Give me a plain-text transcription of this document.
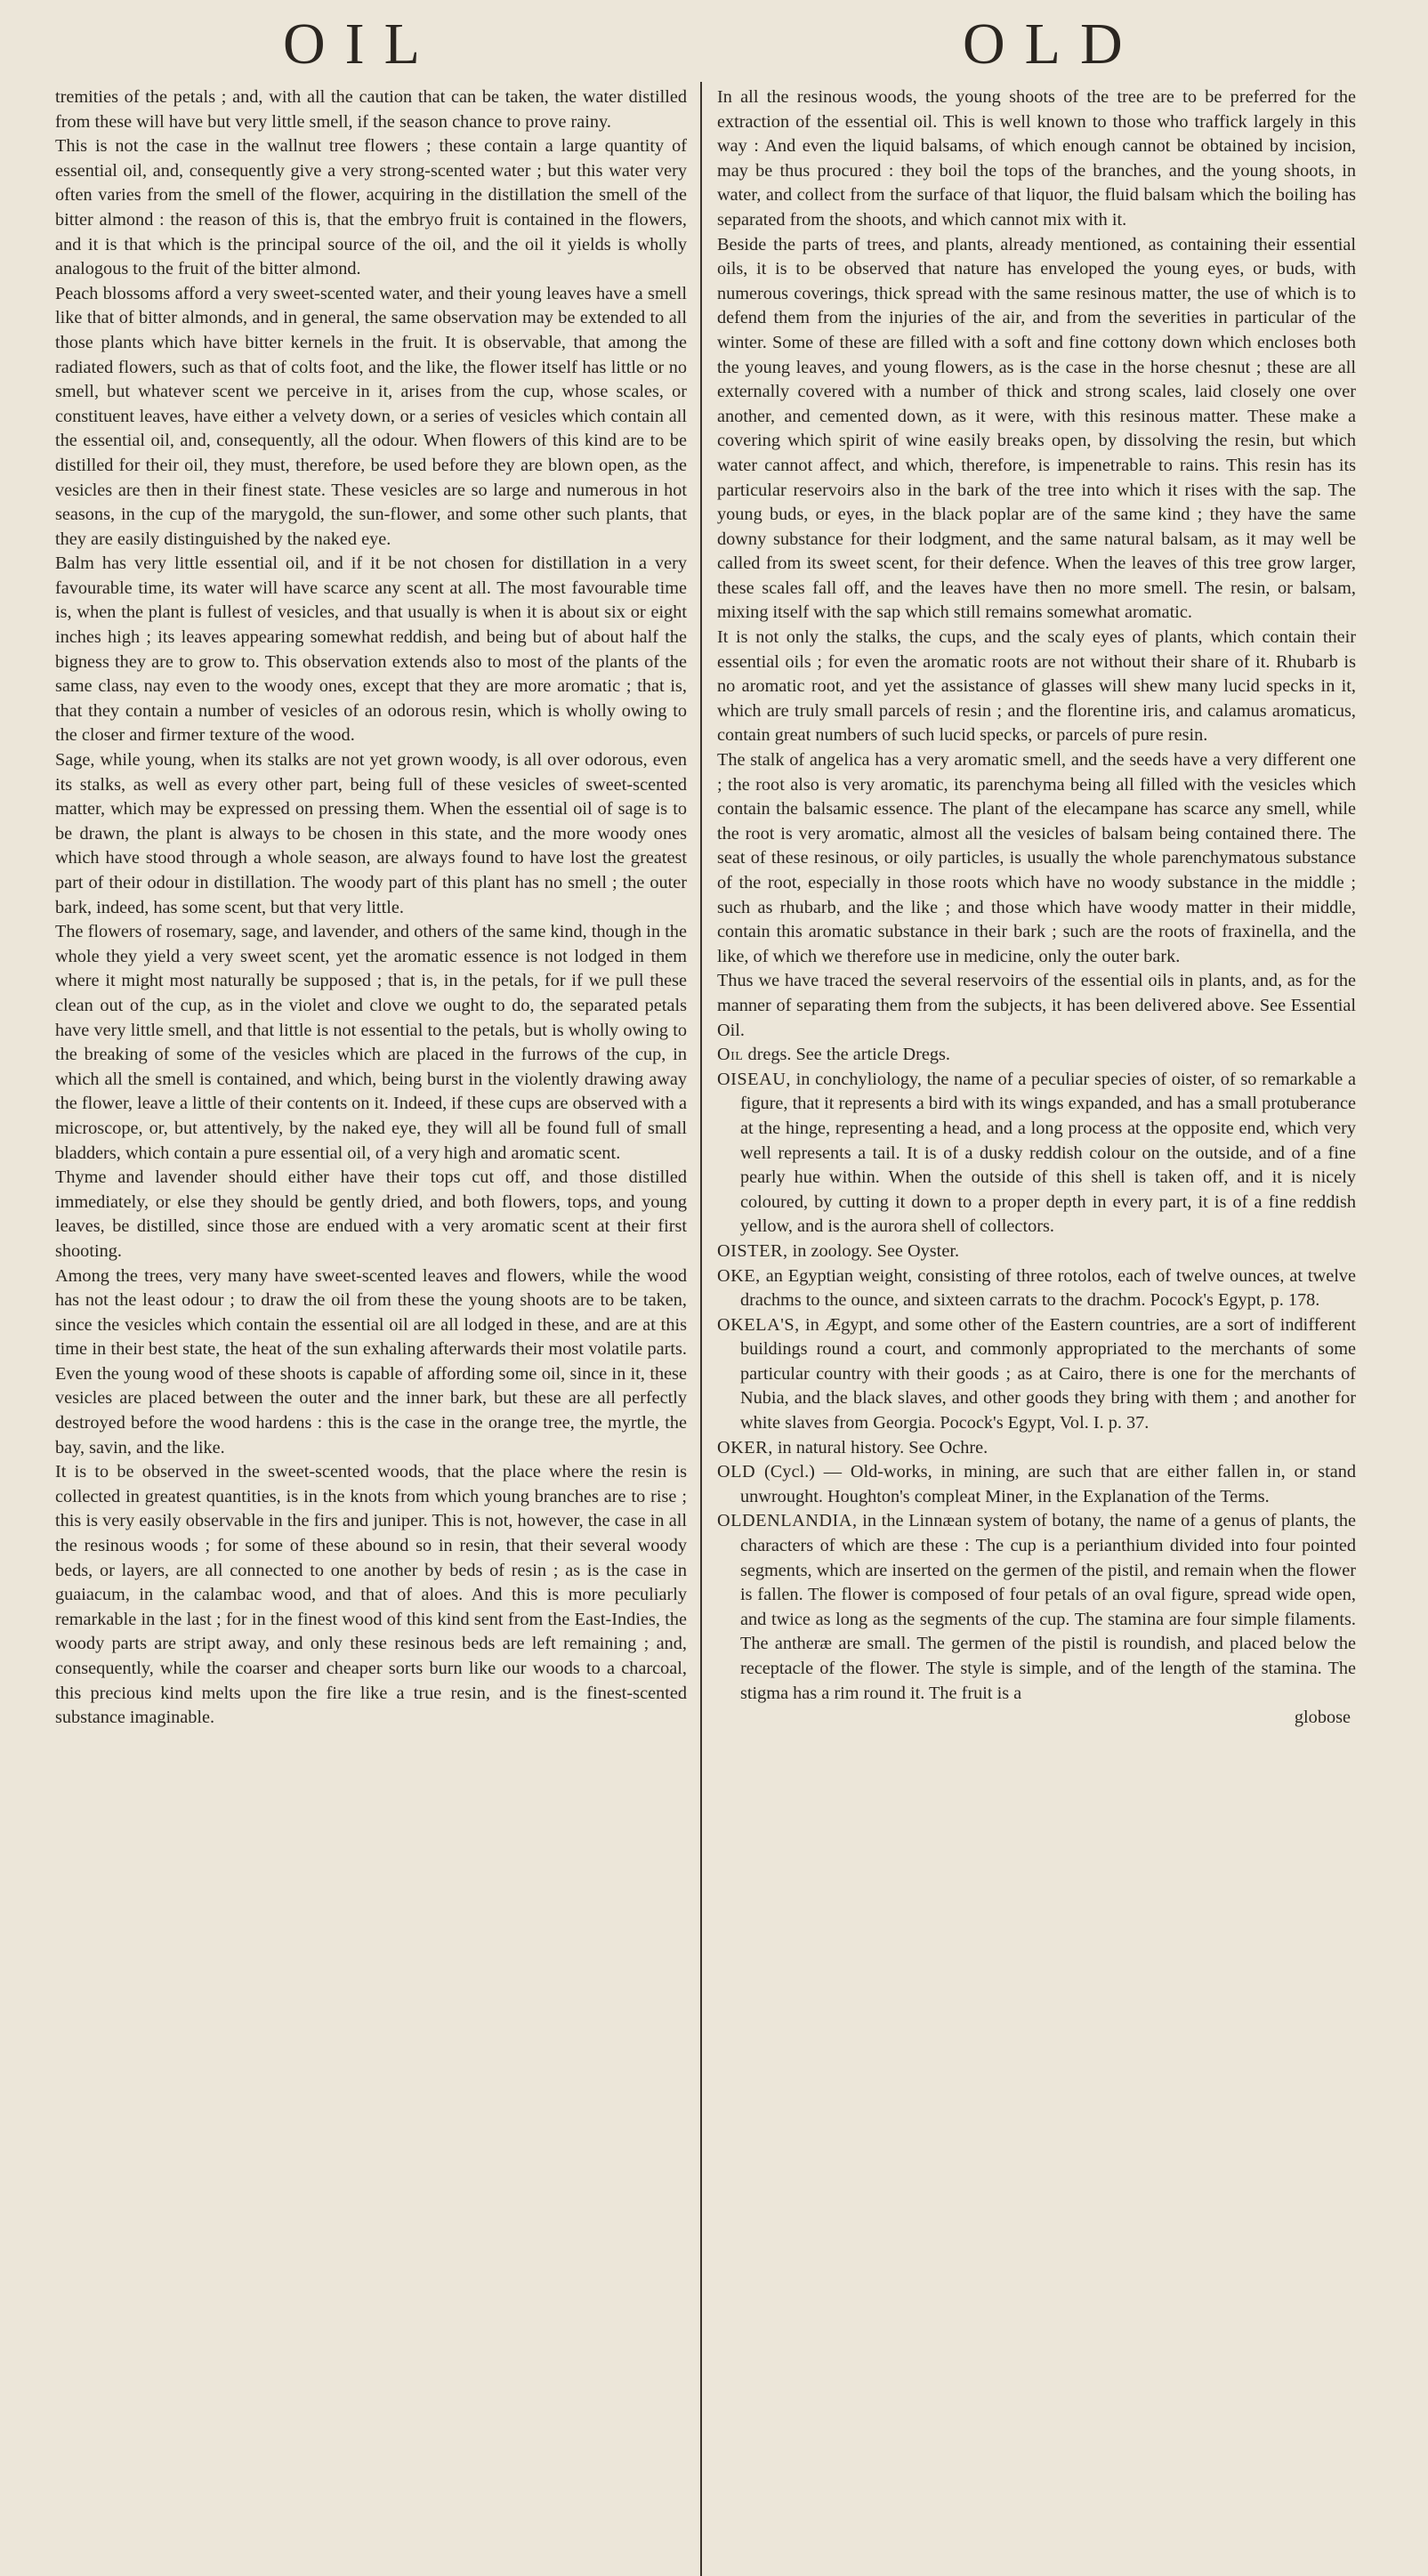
OIL	OLD

tremities of the petals ; and, with all the caution that can be taken, the water distilled from these will have but very little smell, if the season chance to prove rainy.

This is not the case in the wallnut tree flowers ; these contain a large quantity of essential oil, and, consequently give a very strong-scented water ; but this water very often varies from the smell of the flower, acquiring in the distillation the smell of the bitter almond : the reason of this is, that the embryo fruit is contained in the flowers, and it is that which is the principal source of the oil, and the oil it yields is wholly analogous to the fruit of the bitter almond.

Peach blossoms afford a very sweet-scented water, and their young leaves have a smell like that of bitter almonds, and in general, the same observation may be extended to all those plants which have bitter kernels in the fruit. It is observable, that among the radiated flowers, such as that of colts foot, and the like, the flower itself has little or no smell, but whatever scent we perceive in it, arises from the cup, whose scales, or constituent leaves, have either a velvety down, or a series of vesicles which contain all the essential oil, and, consequently, all the odour. When flowers of this kind are to be distilled for their oil, they must, therefore, be used before they are blown open, as the vesicles are then in their finest state. These vesicles are so large and numerous in hot seasons, in the cup of the marygold, the sun-flower, and some other such plants, that they are easily distinguished by the naked eye.

Balm has very little essential oil, and if it be not chosen for distillation in a very favourable time, its water will have scarce any scent at all. The most favourable time is, when the plant is fullest of vesicles, and that usually is when it is about six or eight inches high ; its leaves appearing somewhat reddish, and being but of about half the bigness they are to grow to. This observation extends also to most of the plants of the same class, nay even to the woody ones, except that they are more aromatic ; that is, that they contain a number of vesicles of an odorous resin, which is wholly owing to the closer and firmer texture of the wood.

Sage, while young, when its stalks are not yet grown woody, is all over odorous, even its stalks, as well as every other part, being full of these vesicles of sweet-scented matter, which may be expressed on pressing them. When the essential oil of sage is to be drawn, the plant is always to be chosen in this state, and the more woody ones which have stood through a whole season, are always found to have lost the greatest part of their odour in distillation. The woody part of this plant has no smell ; the outer bark, indeed, has some scent, but that very little.

The flowers of rosemary, sage, and lavender, and others of the same kind, though in the whole they yield a very sweet scent, yet the aromatic essence is not lodged in them where it might most naturally be supposed ; that is, in the petals, for if we pull these clean out of the cup, as in the violet and clove we ought to do, the separated petals have very little smell, and that little is not essential to the petals, but is wholly owing to the breaking of some of the vesicles which are placed in the furrows of the cup, in which all the smell is contained, and which, being burst in the violently drawing away the flower, leave a little of their contents on it. Indeed, if these cups are observed with a microscope, or, but attentively, by the naked eye, they will all be found full of small bladders, which contain a pure essential oil, of a very high and aromatic scent.

Thyme and lavender should either have their tops cut off, and those distilled immediately, or else they should be gently dried, and both flowers, tops, and young leaves, be distilled, since those are endued with a very aromatic scent at their first shooting.

Among the trees, very many have sweet-scented leaves and flowers, while the wood has not the least odour ; to draw the oil from these the young shoots are to be taken, since the vesicles which contain the essential oil are all lodged in these, and are at this time in their best state, the heat of the sun exhaling afterwards their most volatile parts. Even the young wood of these shoots is capable of affording some oil, since in it, these vesicles are placed between the outer and the inner bark, but these are all perfectly destroyed before the wood hardens : this is the case in the orange tree, the myrtle, the bay, savin, and the like.

It is to be observed in the sweet-scented woods, that the place where the resin is collected in greatest quantities, is in the knots from which young branches are to rise ; this is very easily observable in the firs and juniper. This is not, however, the case in all the resinous woods ; for some of these abound so in resin, that their several woody beds, or layers, are all connected to one another by beds of resin ; as is the case in guaiacum, in the calambac wood, and that of aloes. And this is more peculiarly remarkable in the last ; for in the finest wood of this kind sent from the East-Indies, the woody parts are stript away, and only these resinous beds are left remaining ; and, consequently, while the coarser and cheaper sorts burn like our woods to a charcoal, this precious kind melts upon the fire like a true resin, and is the finest-scented substance imaginable.

In all the resinous woods, the young shoots of the tree are to be preferred for the extraction of the essential oil. This is well known to those who traffick largely in this way : And even the liquid balsams, of which enough cannot be obtained by incision, may be thus procured : they boil the tops of the branches, and the young shoots, in water, and collect from the surface of that liquor, the fluid balsam which the boiling has separated from the shoots, and which cannot mix with it.

Beside the parts of trees, and plants, already mentioned, as containing their essential oils, it is to be observed that nature has enveloped the young eyes, or buds, with numerous coverings, thick spread with the same resinous matter, the use of which is to defend them from the injuries of the air, and from the severities in particular of the winter. Some of these are filled with a soft and fine cottony down which encloses both the young leaves, and young flowers, as is the case in the horse chesnut ; these are all externally covered with a number of thick and strong scales, laid closely one over another, and cemented down, as it were, with this resinous matter. These make a covering which spirit of wine easily breaks open, by dissolving the resin, but which water cannot affect, and which, therefore, is impenetrable to rains. This resin has its particular reservoirs also in the bark of the tree into which it rises with the sap. The young buds, or eyes, in the black poplar are of the same kind ; they have the same downy substance for their lodgment, and the same natural balsam, as it may well be called from its sweet scent, for their defence. When the leaves of this tree grow larger, these scales fall off, and the leaves have then no more smell. The resin, or balsam, mixing itself with the sap which still remains somewhat aromatic.

It is not only the stalks, the cups, and the scaly eyes of plants, which contain their essential oils ; for even the aromatic roots are not without their share of it. Rhubarb is no aromatic root, and yet the assistance of glasses will shew many lucid specks in it, which are truly small parcels of resin ; and the florentine iris, and calamus aromaticus, contain great numbers of such lucid specks, or parcels of pure resin.

The stalk of angelica has a very aromatic smell, and the seeds have a very different one ; the root also is very aromatic, its parenchyma being all filled with the vesicles which contain the balsamic essence. The plant of the elecampane has scarce any smell, while the root is very aromatic, almost all the vesicles of balsam being contained there. The seat of these resinous, or oily particles, is usually the whole parenchymatous substance of the root, especially in those roots which have no woody substance in the middle ; such as rhubarb, and the like ; and those which have woody matter in their middle, contain this aromatic substance in their bark ; such are the roots of fraxinella, and the like, of which we therefore use in medicine, only the outer bark.

Thus we have traced the several reservoirs of the essential oils in plants, and, as for the manner of separating them from the subjects, it has been delivered above. See Essential Oil.

Oil dregs. See the article Dregs.

OISEAU, in conchyliology, the name of a peculiar species of oister, of so remarkable a figure, that it represents a bird with its wings expanded, and has a small protuberance at the hinge, representing a head, and a long process at the opposite end, which very well represents a tail. It is of a dusky reddish colour on the outside, and of a fine pearly hue within. When the outside of this shell is taken off, and it is nicely coloured, by cutting it down to a proper depth in every part, it is of a fine reddish yellow, and is the aurora shell of collectors.

OISTER, in zoology. See Oyster.

OKE, an Egyptian weight, consisting of three rotolos, each of twelve ounces, at twelve drachms to the ounce, and sixteen carrats to the drachm. Pocock's Egypt, p. 178.

OKELA'S, in Ægypt, and some other of the Eastern countries, are a sort of indifferent buildings round a court, and commonly appropriated to the merchants of some particular country with their goods ; as at Cairo, there is one for the merchants of Nubia, and the black slaves, and other goods they bring with them ; and another for white slaves from Georgia. Pocock's Egypt, Vol. I. p. 37.

OKER, in natural history. See Ochre.

OLD (Cycl.) — Old-works, in mining, are such that are either fallen in, or stand unwrought. Houghton's compleat Miner, in the Explanation of the Terms.

OLDENLANDIA, in the Linnæan system of botany, the name of a genus of plants, the characters of which are these : The cup is a perianthium divided into four pointed segments, which are inserted on the germen of the pistil, and remain when the flower is fallen. The flower is composed of four petals of an oval figure, spread wide open, and twice as long as the segments of the cup. The stamina are four simple filaments. The antheræ are small. The germen of the pistil is roundish, and placed below the receptacle of the flower. The style is simple, and of the length of the stamina. The stigma has a rim round it. The fruit is a

globose
